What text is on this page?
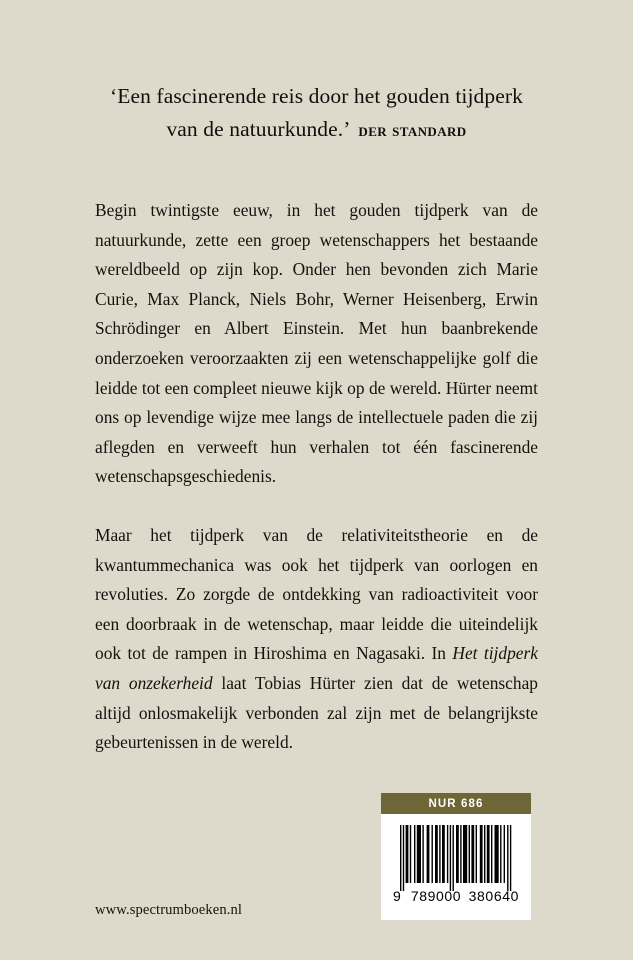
‘Een fascinerende reis door het gouden tijdperk van de natuurkunde.’ der standard

Begin twintigste eeuw, in het gouden tijdperk van de natuurkunde, zette een groep wetenschappers het bestaande wereldbeeld op zijn kop. Onder hen bevonden zich Marie Curie, Max Planck, Niels Bohr, Werner Heisenberg, Erwin Schrödinger en Albert Einstein. Met hun baanbrekende onderzoeken veroorzaakten zij een wetenschappelijke golf die leidde tot een compleet nieuwe kijk op de wereld. Hürter neemt ons op levendige wijze mee langs de intellectuele paden die zij aflegden en verweeft hun verhalen tot één fascinerende wetenschapsgeschiedenis.

Maar het tijdperk van de relativiteitstheorie en de kwantummechanica was ook het tijdperk van oorlogen en revoluties. Zo zorgde de ontdekking van radioactiviteit voor een doorbraak in de wetenschap, maar leidde die uiteindelijk ook tot de rampen in Hiroshima en Nagasaki. In Het tijdperk van onzekerheid laat Tobias Hürter zien dat de wetenschap altijd onlosmakelijk verbonden zal zijn met de belangrijkste gebeurtenissen in de wereld.

www.spectrumboeken.nl
NUR 686
9 789000 380640
